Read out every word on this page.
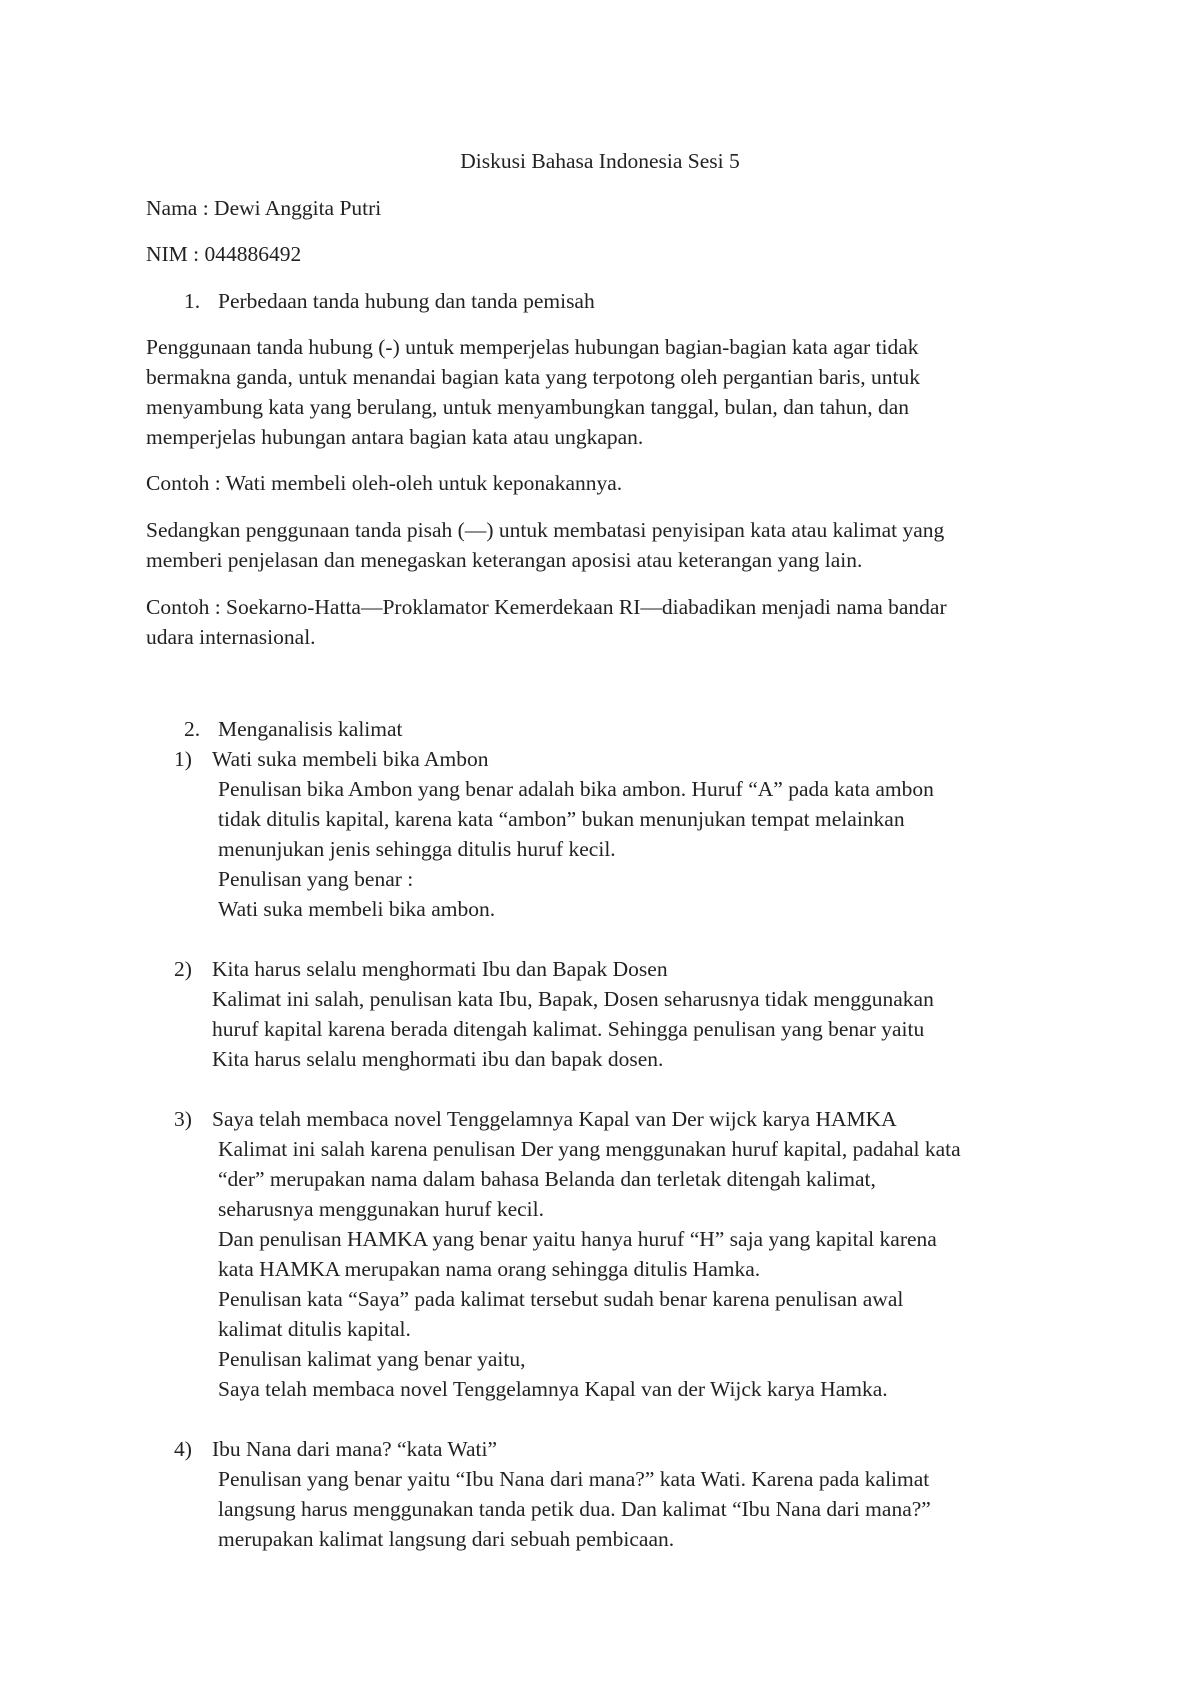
Diskusi Bahasa Indonesia Sesi 5
Nama : Dewi Anggita Putri
NIM : 044886492
1. Perbedaan tanda hubung dan tanda pemisah
Penggunaan tanda hubung (-) untuk memperjelas hubungan bagian-bagian kata agar tidak
bermakna ganda, untuk menandai bagian kata yang terpotong oleh pergantian baris, untuk
menyambung kata yang berulang, untuk menyambungkan tanggal, bulan, dan tahun, dan
memperjelas hubungan antara bagian kata atau ungkapan.
Contoh : Wati membeli oleh-oleh untuk keponakannya.
Sedangkan penggunaan tanda pisah (—) untuk membatasi penyisipan kata atau kalimat yang
memberi penjelasan dan menegaskan keterangan aposisi atau keterangan yang lain.
Contoh : Soekarno-Hatta—Proklamator Kemerdekaan RI—diabadikan menjadi nama bandar
udara internasional.
2. Menganalisis kalimat
1) Wati suka membeli bika Ambon
Penulisan bika Ambon yang benar adalah bika ambon. Huruf “A” pada kata ambon
tidak ditulis kapital, karena kata “ambon” bukan menunjukan tempat melainkan
menunjukan jenis sehingga ditulis huruf kecil.
Penulisan yang benar :
Wati suka membeli bika ambon.
2) Kita harus selalu menghormati Ibu dan Bapak Dosen
Kalimat ini salah, penulisan kata Ibu, Bapak, Dosen seharusnya tidak menggunakan
huruf kapital karena berada ditengah kalimat. Sehingga penulisan yang benar yaitu
Kita harus selalu menghormati ibu dan bapak dosen.
3) Saya telah membaca novel Tenggelamnya Kapal van Der wijck karya HAMKA
Kalimat ini salah karena penulisan Der yang menggunakan huruf kapital, padahal kata
“der” merupakan nama dalam bahasa Belanda dan terletak ditengah kalimat,
seharusnya menggunakan huruf kecil.
Dan penulisan HAMKA yang benar yaitu hanya huruf “H” saja yang kapital karena
kata HAMKA merupakan nama orang sehingga ditulis Hamka.
Penulisan kata “Saya” pada kalimat tersebut sudah benar karena penulisan awal
kalimat ditulis kapital.
Penulisan kalimat yang benar yaitu,
Saya telah membaca novel Tenggelamnya Kapal van der Wijck karya Hamka.
4) Ibu Nana dari mana? “kata Wati”
Penulisan yang benar yaitu “Ibu Nana dari mana?” kata Wati. Karena pada kalimat
langsung harus menggunakan tanda petik dua. Dan kalimat “Ibu Nana dari mana?”
merupakan kalimat langsung dari sebuah pembicaan.
